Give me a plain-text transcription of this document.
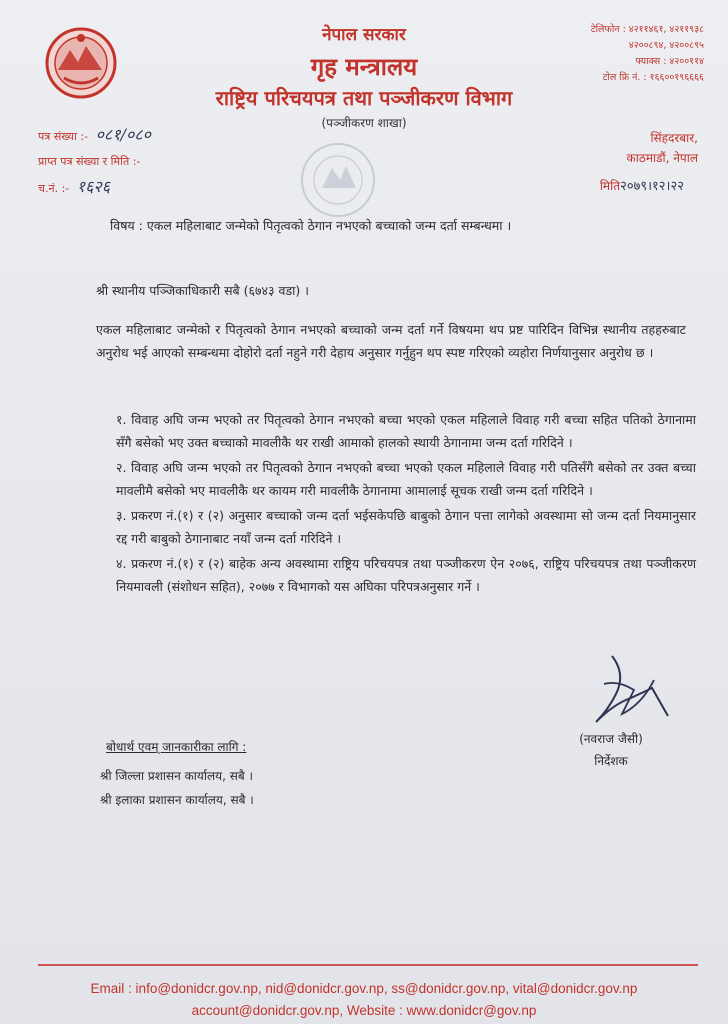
नेपाल सरकार
गृह मन्त्रालय
राष्ट्रिय परिचयपत्र तथा पञ्जीकरण विभाग
(पञ्जीकरण शाखा)
टेलिफोन : ४२११४६१, ४२११९३८
४२००८९४, ४२००८९५
फ्याक्स : ४२००११४
टोल फ्रि नं. : १६६००१९६६६६
पत्र संख्या :- ०८१/०८०
प्राप्त पत्र संख्या र मिति :-
च.नं. :- १६२६
सिंहदरबार,
काठमाडौं, नेपाल
मिति२०७९।१२।२२
विषय : एकल महिलाबाट जन्मेको पितृत्वको ठेगान नभएको बच्चाको जन्म दर्ता सम्बन्धमा ।
श्री स्थानीय पञ्जिकाधिकारी सबै (६७४३ वडा) ।
एकल महिलाबाट जन्मेको र पितृत्वको ठेगान नभएको बच्चाको जन्म दर्ता गर्ने विषयमा थप प्रष्ट पारिदिन विभिन्न स्थानीय तहहरुबाट अनुरोध भई आएको सम्बन्धमा दोहोरो दर्ता नहुने गरी देहाय अनुसार गर्नुहुन थप स्पष्ट गरिएको व्यहोरा निर्णयानुसार अनुरोध छ ।
१. विवाह अघि जन्म भएको तर पितृत्वको ठेगान नभएको बच्चा भएको एकल महिलाले विवाह गरी बच्चा सहित पतिको ठेगानामा सँगै बसेको भए उक्त बच्चाको मावलीकै थर राखी आमाको हालको स्थायी ठेगानामा जन्म दर्ता गरिदिने ।
२. विवाह अघि जन्म भएको तर पितृत्वको ठेगान नभएको बच्चा भएको एकल महिलाले विवाह गरी पतिसँगै बसेको तर उक्त बच्चा मावलीमै बसेको भए मावलीकै थर कायम गरी मावलीकै ठेगानामा आमालाई सूचक राखी जन्म दर्ता गरिदिने ।
३. प्रकरण नं.(१) र (२) अनुसार बच्चाको जन्म दर्ता भईसकेपछि बाबुको ठेगान पत्ता लागेको अवस्थामा सो जन्म दर्ता नियमानुसार रद्द गरी बाबुको ठेगानाबाट नयाँ जन्म दर्ता गरिदिने ।
४. प्रकरण नं.(१) र (२) बाहेक अन्य अवस्थामा राष्ट्रिय परिचयपत्र तथा पञ्जीकरण ऐन २०७६, राष्ट्रिय परिचयपत्र तथा पञ्जीकरण नियमावली (संशोधन सहित), २०७७ र विभागको यस अघिका परिपत्रअनुसार गर्ने ।
(नवराज जैसी)
निर्देशक
बोधार्थ एवम् जानकारीका लागि :
श्री जिल्ला प्रशासन कार्यालय, सबै ।
श्री इलाका प्रशासन कार्यालय, सबै ।
Email : info@donidcr.gov.np, nid@donidcr.gov.np, ss@donidcr.gov.np, vital@donidcr.gov.np
account@donidcr.gov.np, Website : www.donidcr@gov.np
